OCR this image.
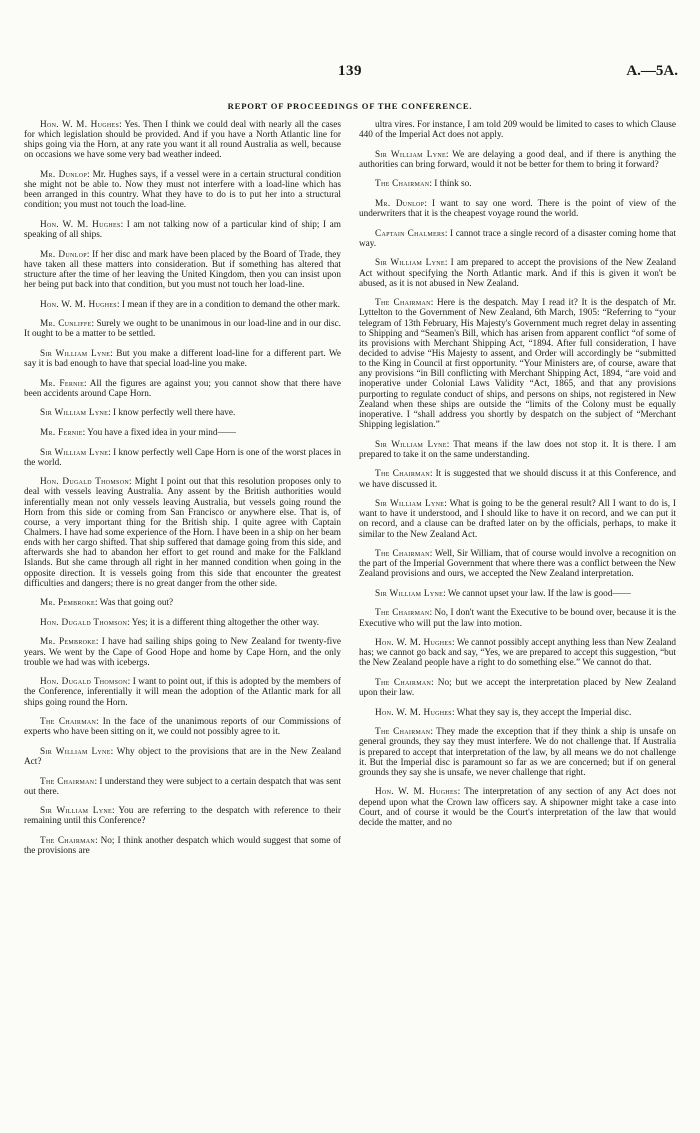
139	A.—5A.
REPORT OF PROCEEDINGS OF THE CONFERENCE.

Hon. W. M. Hughes: Yes. Then I think we could deal with nearly all the cases for which legislation should be provided. And if you have a North Atlantic line for ships going via the Horn, at any rate you want it all round Australia as well, because on occasions we have some very bad weather indeed.

Mr. Dunlop: Mr. Hughes says, if a vessel were in a certain structural condition she might not be able to. Now they must not interfere with a load-line which has been arranged in this country. What they have to do is to put her into a structural condition; you must not touch the load-line.

Hon. W. M. Hughes: I am not talking now of a particular kind of ship; I am speaking of all ships.

Mr. Dunlop: If her disc and mark have been placed by the Board of Trade, they have taken all these matters into consideration. But if something has altered that structure after the time of her leaving the United Kingdom, then you can insist upon her being put back into that condition, but you must not touch her load-line.

Hon. W. M. Hughes: I mean if they are in a condition to demand the other mark.

Mr. Cunliffe: Surely we ought to be unanimous in our load-line and in our disc. It ought to be a matter to be settled.

Sir William Lyne: But you make a different load-line for a different part. We say it is bad enough to have that special load-line you make.

Mr. Fernie: All the figures are against you; you cannot show that there have been accidents around Cape Horn.

Sir William Lyne: I know perfectly well there have.

Mr. Fernie: You have a fixed idea in your mind——

Sir William Lyne: I know perfectly well Cape Horn is one of the worst places in the world.

Hon. Dugald Thomson: Might I point out that this resolution proposes only to deal with vessels leaving Australia. Any assent by the British authorities would inferentially mean not only vessels leaving Australia, but vessels going round the Horn from this side or coming from San Francisco or anywhere else. That is, of course, a very important thing for the British ship. I quite agree with Captain Chalmers. I have had some experience of the Horn. I have been in a ship on her beam ends with her cargo shifted. That ship suffered that damage going from this side, and afterwards she had to abandon her effort to get round and make for the Falkland Islands. But she came through all right in her manned condition when going in the opposite direction. It is vessels going from this side that encounter the greatest difficulties and dangers; there is no great danger from the other side.

Mr. Pembroke: Was that going out?

Hon. Dugald Thomson: Yes; it is a different thing altogether the other way.

Mr. Pembroke: I have had sailing ships going to New Zealand for twenty-five years. We went by the Cape of Good Hope and home by Cape Horn, and the only trouble we had was with icebergs.

Hon. Dugald Thomson: I want to point out, if this is adopted by the members of the Conference, inferentially it will mean the adoption of the Atlantic mark for all ships going round the Horn.

The Chairman: In the face of the unanimous reports of our Commissions of experts who have been sitting on it, we could not possibly agree to it.

Sir William Lyne: Why object to the provisions that are in the New Zealand Act?

The Chairman: I understand they were subject to a certain despatch that was sent out there.

Sir William Lyne: You are referring to the despatch with reference to their remaining until this Conference?

The Chairman: No; I think another despatch which would suggest that some of the provisions are

ultra vires. For instance, I am told 209 would be limited to cases to which Clause 440 of the Imperial Act does not apply.

Sir William Lyne: We are delaying a good deal, and if there is anything the authorities can bring forward, would it not be better for them to bring it forward?

The Chairman: I think so.

Mr. Dunlop: I want to say one word. There is the point of view of the underwriters that it is the cheapest voyage round the world.

Captain Chalmers: I cannot trace a single record of a disaster coming home that way.

Sir William Lyne: I am prepared to accept the provisions of the New Zealand Act without specifying the North Atlantic mark. And if this is given it won't be abused, as it is not abused in New Zealand.

The Chairman: Here is the despatch. May I read it? It is the despatch of Mr. Lyttelton to the Government of New Zealand, 6th March, 1905: “Referring to “your telegram of 13th February, His Majesty's Government much regret delay in assenting to Shipping and “Seamen's Bill, which has arisen from apparent conflict “of some of its provisions with Merchant Shipping Act, “1894. After full consideration, I have decided to advise “His Majesty to assent, and Order will accordingly be “submitted to the King in Council at first opportunity. “Your Ministers are, of course, aware that any provisions “in Bill conflicting with Merchant Shipping Act, 1894, “are void and inoperative under Colonial Laws Validity “Act, 1865, and that any provisions purporting to regulate conduct of ships, and persons on ships, not registered in New Zealand when these ships are outside the “limits of the Colony must be equally inoperative. I “shall address you shortly by despatch on the subject of “Merchant Shipping legislation.”

Sir William Lyne: That means if the law does not stop it. It is there. I am prepared to take it on the same understanding.

The Chairman: It is suggested that we should discuss it at this Conference, and we have discussed it.

Sir William Lyne: What is going to be the general result? All I want to do is, I want to have it understood, and I should like to have it on record, and we can put it on record, and a clause can be drafted later on by the officials, perhaps, to make it similar to the New Zealand Act.

The Chairman: Well, Sir William, that of course would involve a recognition on the part of the Imperial Government that where there was a conflict between the New Zealand provisions and ours, we accepted the New Zealand interpretation.

Sir William Lyne: We cannot upset your law. If the law is good——

The Chairman: No, I don't want the Executive to be bound over, because it is the Executive who will put the law into motion.

Hon. W. M. Hughes: We cannot possibly accept anything less than New Zealand has; we cannot go back and say, “Yes, we are prepared to accept this suggestion, “but the New Zealand people have a right to do something else.” We cannot do that.

The Chairman: No; but we accept the interpretation placed by New Zealand upon their law.

Hon. W. M. Hughes: What they say is, they accept the Imperial disc.

The Chairman: They made the exception that if they think a ship is unsafe on general grounds, they say they must interfere. We do not challenge that. If Australia is prepared to accept that interpretation of the law, by all means we do not challenge it. But the Imperial disc is paramount so far as we are concerned; but if on general grounds they say she is unsafe, we never challenge that right.

Hon. W. M. Hughes: The interpretation of any section of any Act does not depend upon what the Crown law officers say. A shipowner might take a case into Court, and of course it would be the Court's interpretation of the law that would decide the matter, and no
